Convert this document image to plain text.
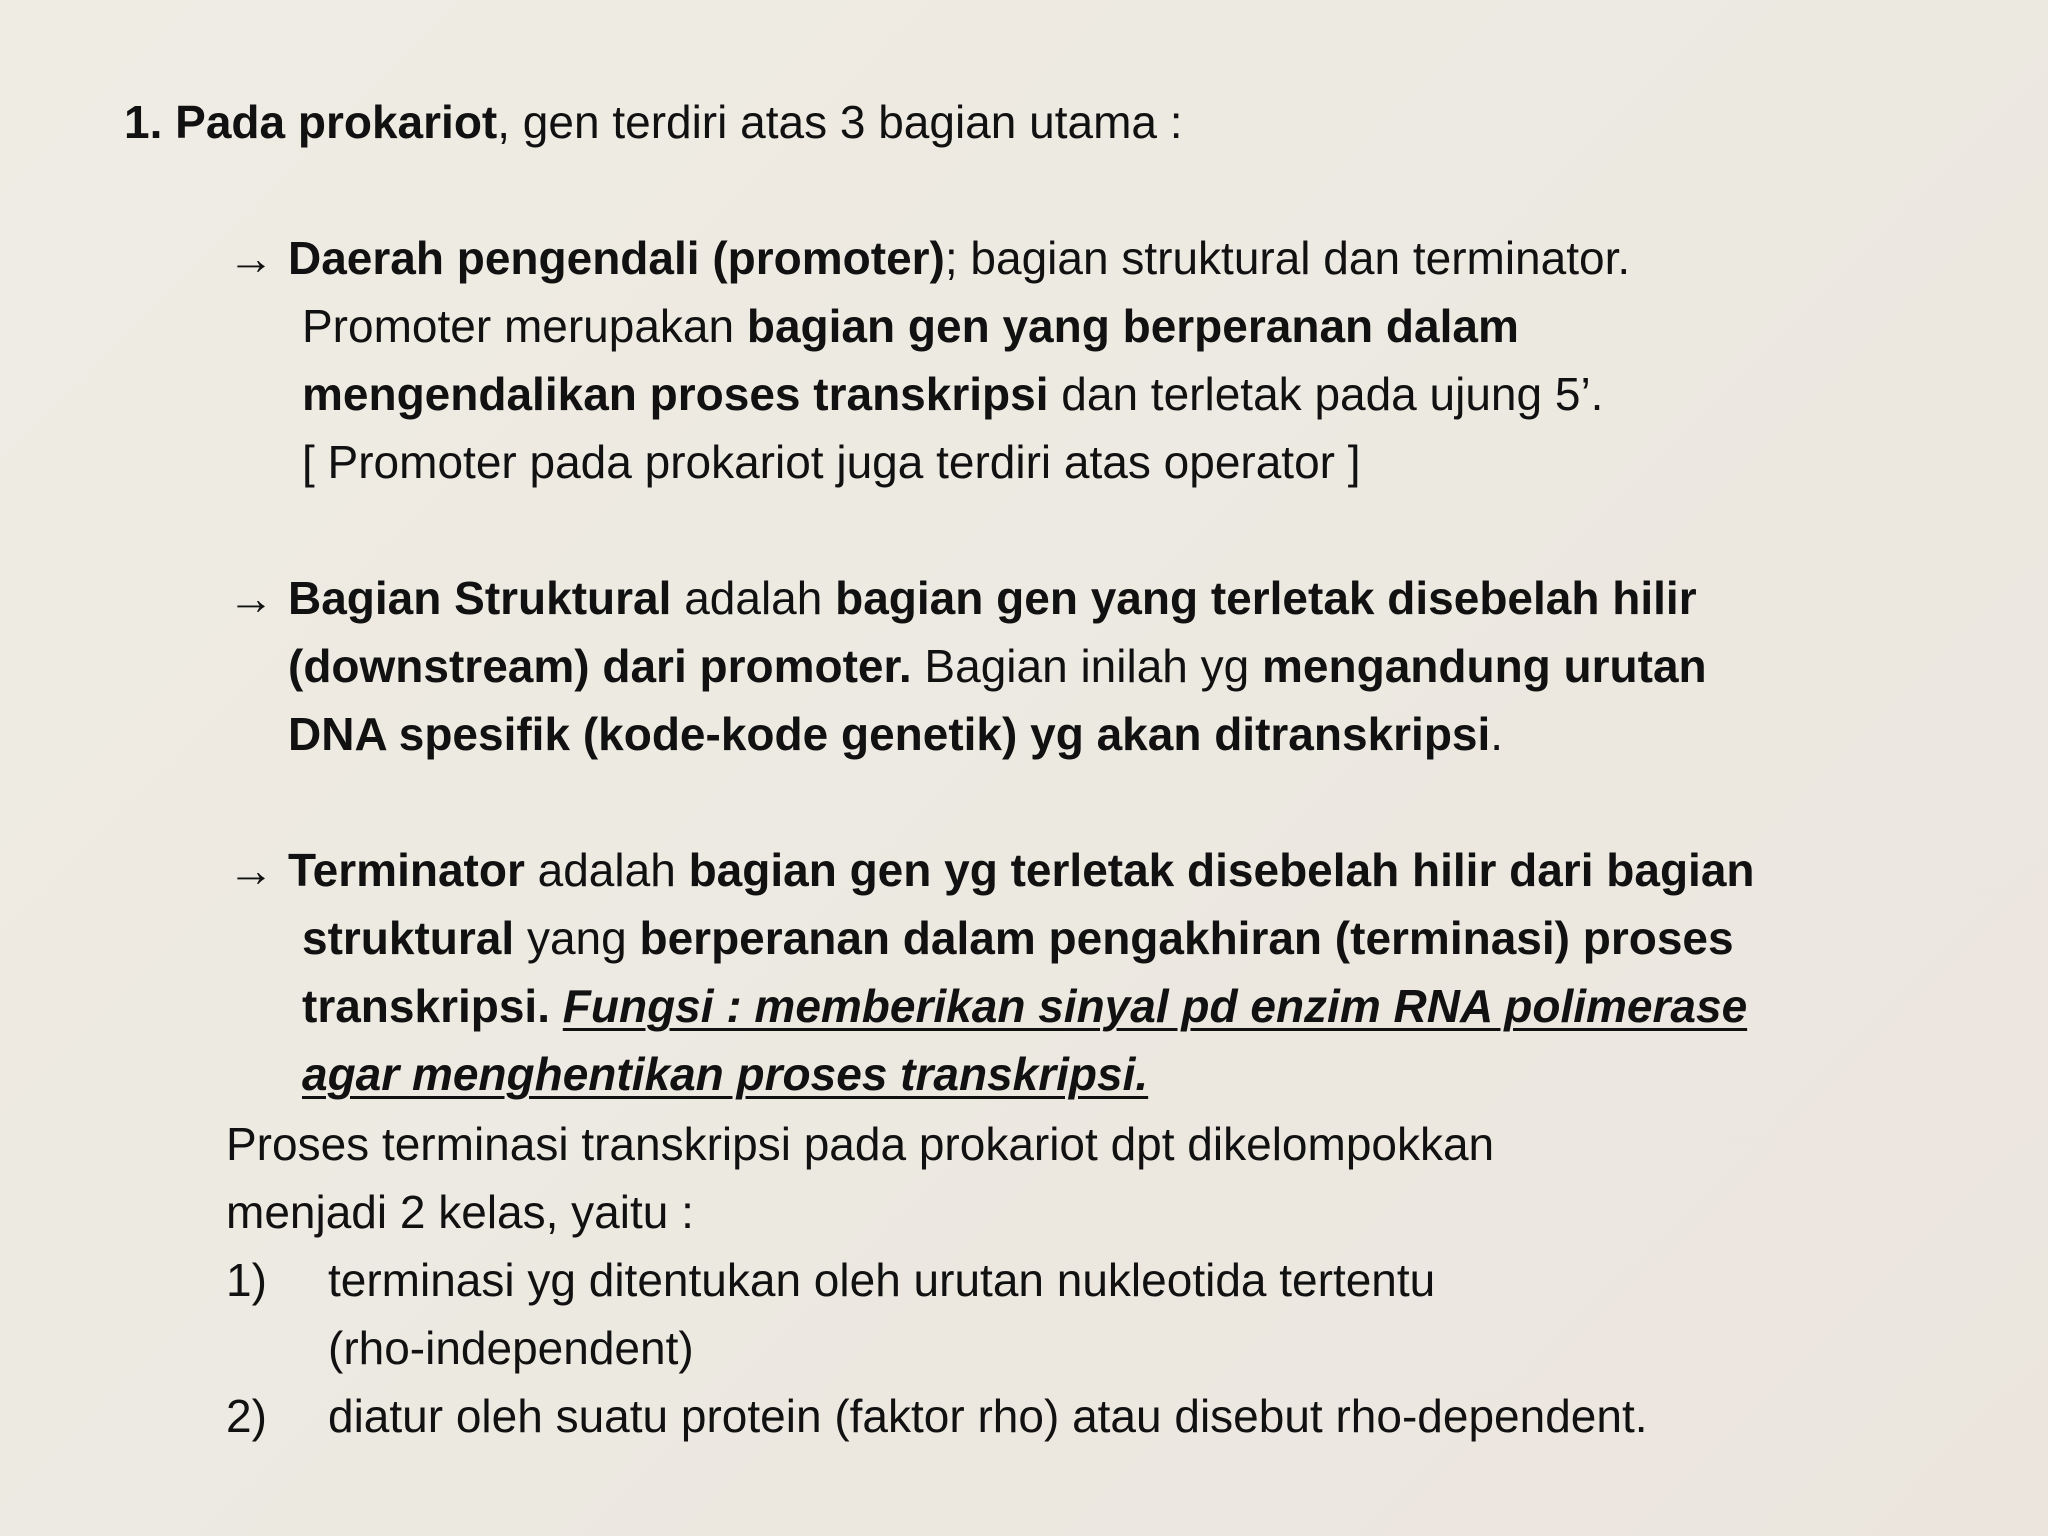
1. Pada prokariot, gen terdiri atas 3 bagian utama :
→ Daerah pengendali (promoter); bagian struktural dan terminator.
Promoter merupakan bagian gen yang berperanan dalam
mengendalikan proses transkripsi dan terletak pada ujung 5’.
[ Promoter pada prokariot juga terdiri atas operator ]
→ Bagian Struktural adalah bagian gen yang terletak disebelah hilir
(downstream) dari promoter. Bagian inilah yg mengandung urutan
DNA spesifik (kode-kode genetik) yg akan ditranskripsi.
→ Terminator adalah bagian gen yg terletak disebelah hilir dari bagian
struktural yang berperanan dalam pengakhiran (terminasi) proses
transkripsi. Fungsi : memberikan sinyal pd enzim RNA polimerase
agar menghentikan proses transkripsi.
Proses terminasi transkripsi pada prokariot dpt dikelompokkan
menjadi 2 kelas, yaitu :
1) terminasi yg ditentukan oleh urutan nukleotida tertentu
(rho-independent)
2) diatur oleh suatu protein (faktor rho) atau disebut rho-dependent.
